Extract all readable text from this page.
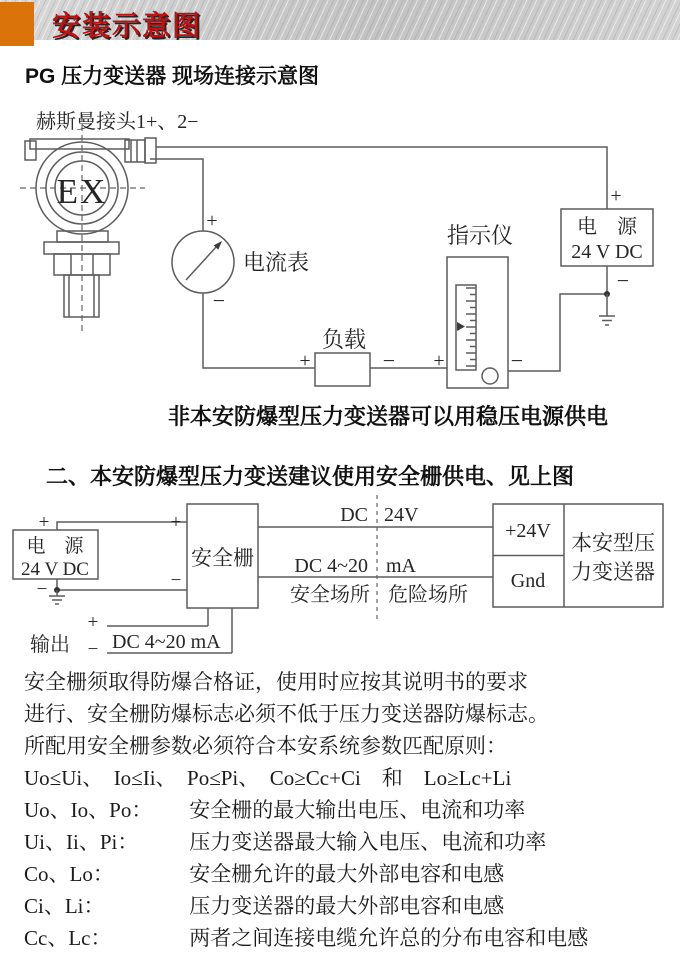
安装示意图
PG 压力变送器 现场连接示意图
赫斯曼接头1+、2−
EX
+
电流表
−
负载
+	−
指示仪
+	−
+
电　源
24 V DC
−
非本安防爆型压力变送器可以用稳压电源供电
二、本安防爆型压力变送建议使用安全栅供电、见上图
+
电　源
24 V DC
−
+
−
安全栅
DC 24V
DC 4~20 mA
安全场所 危险场所
+24V
Gnd
本安型压
力变送器
输出
+
− DC 4~20 mA
安全栅须取得防爆合格证，使用时应按其说明书的要求
进行、安全栅防爆标志必须不低于压力变送器防爆标志。
所配用安全栅参数必须符合本安系统参数匹配原则：
Uo≤Ui、　Io≤Ii、　Po≤Pi、　Co≥Cc+Ci　和　Lo≥Lc+Li
Uo、Io、Po： 安全栅的最大输出电压、电流和功率
Ui、Ii、Pi： 压力变送器最大输入电压、电流和功率
Co、Lo：	安全栅允许的最大外部电容和电感
Ci、Li：	压力变送器的最大外部电容和电感
Cc、Lc：	两者之间连接电缆允许总的分布电容和电感
